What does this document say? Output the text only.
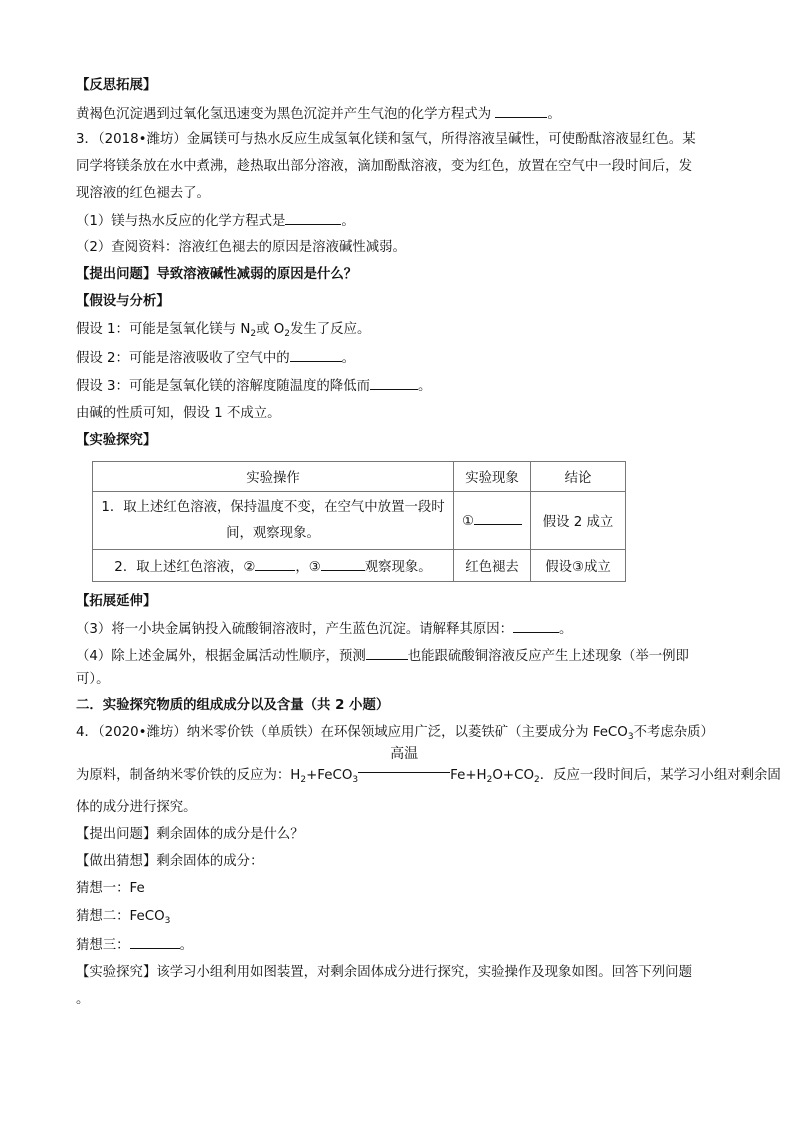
【反思拓展】
黄褐色沉淀遇到过氧化氢迅速变为黑色沉淀并产生气泡的化学方程式为	。
3．（2018•潍坊）金属镁可与热水反应生成氢氧化镁和氢气，所得溶液呈碱性，可使酚酞溶液显红色。某
同学将镁条放在水中煮沸，趁热取出部分溶液，滴加酚酞溶液，变为红色，放置在空气中一段时间后，发
现溶液的红色褪去了。
（1）镁与热水反应的化学方程式是	。
（2）查阅资料：溶液红色褪去的原因是溶液碱性减弱。
【提出问题】导致溶液碱性减弱的原因是什么？
【假设与分析】
假设 1：可能是氢氧化镁与 $N_2$或 $O_2$发生了反应。
假设 2：可能是溶液吸收了空气中的	。
假设 3：可能是氢氧化镁的溶解度随温度的降低而	。
由碱的性质可知，假设 1 不成立。
【实验探究】
实验操作	实验现象	结论

1．取上述红色溶液，保持温度不变，在空气中放置一段时
间，观察现象。	①	假设 2 成立
2．取上述红色溶液，② ，③ 观察现象。	红色褪去	假设③成立
【拓展延伸】
（3）将一小块金属钠投入硫酸铜溶液时，产生蓝色沉淀。请解释其原因：	。
（4）除上述金属外，根据金属活动性顺序，预测	也能跟硫酸铜溶液反应产生上述现象（举一例即
可）。
二．实验探究物质的组成成分以及含量（共 2 小题）
4．（2020•潍坊）纳米零价铁（单质铁）在环保领域应用广泛，以菱铁矿（主要成分为 FeCO$_3$不考虑杂质）
为原料，制备纳米零价铁的反应为：$H_2+FeCO_3$
高温
$Fe+H_2O+CO_2$．反应一段时间后，某学习小组对剩余固
体的成分进行探究。
【提出问题】剩余固体的成分是什么？
【做出猜想】剩余固体的成分：
猜想一：Fe
猜想二：FeCO$_3$
猜想三：	。
【实验探究】该学习小组利用如图装置，对剩余固体成分进行探究，实验操作及现象如图。回答下列问题
。
